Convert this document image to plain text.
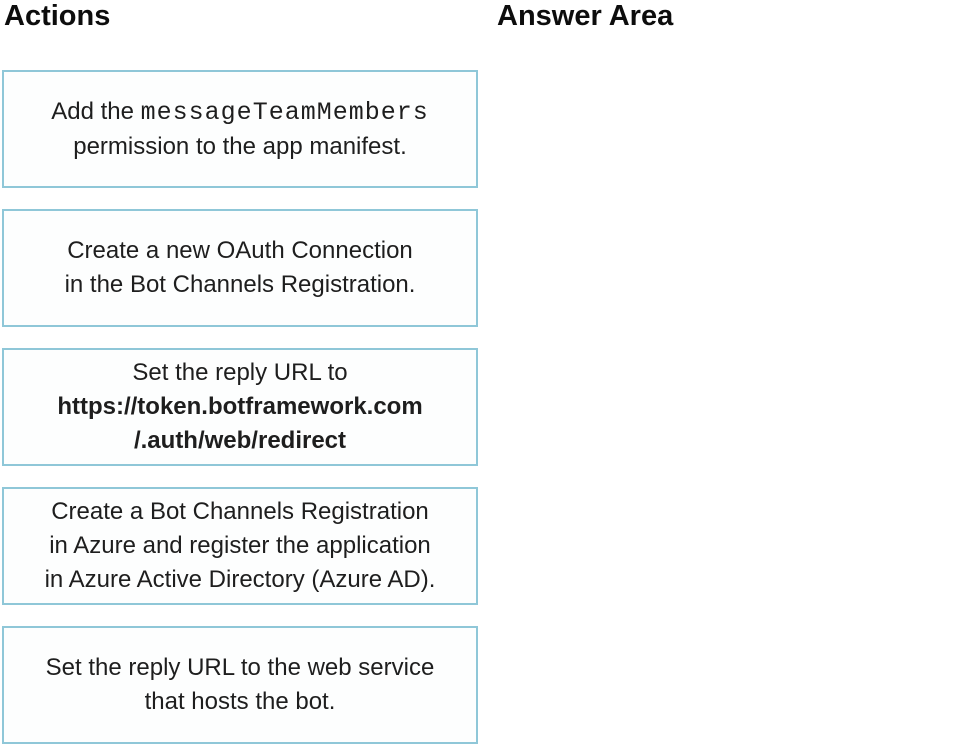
Actions	Answer Area
Add the messageTeamMembers
permission to the app manifest.
Create a new OAuth Connection
in the Bot Channels Registration.
Set the reply URL to
https://token.botframework.com
/.auth/web/redirect
Create a Bot Channels Registration
in Azure and register the application
in Azure Active Directory (Azure AD).
Set the reply URL to the web service
that hosts the bot.
